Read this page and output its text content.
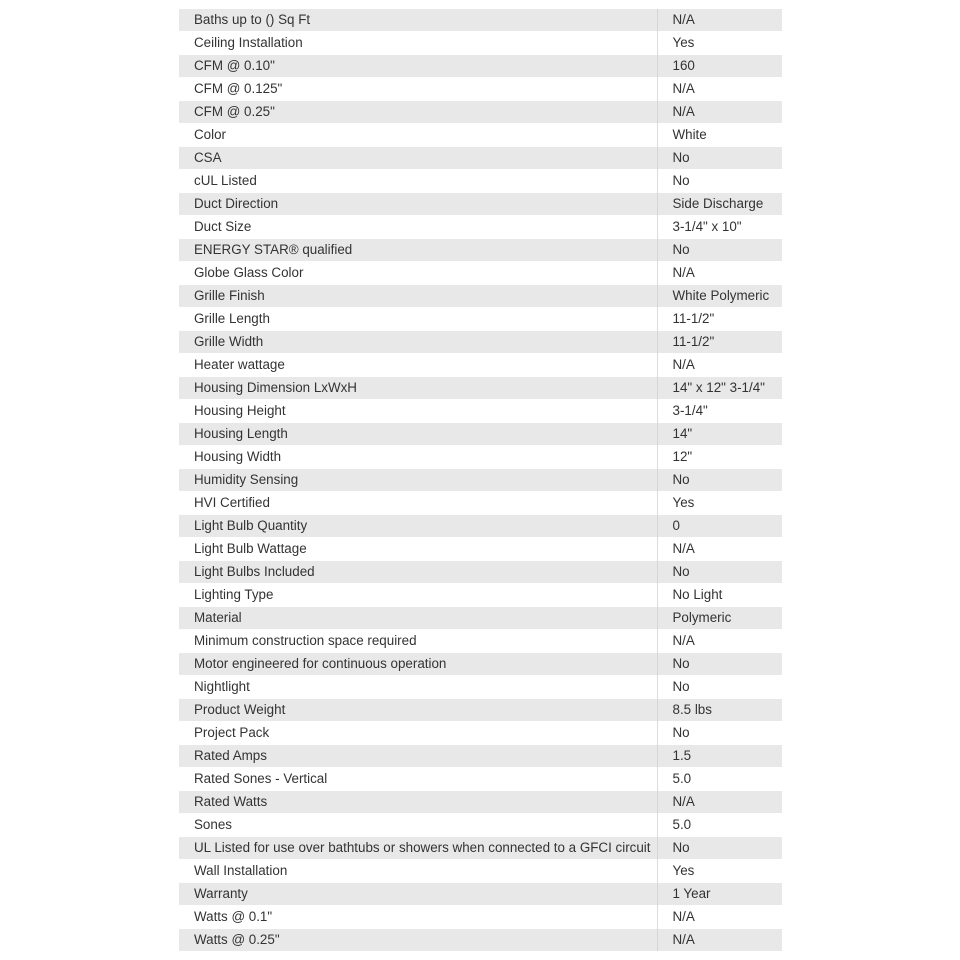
Baths up to () Sq Ft	N/A
Ceiling Installation	Yes
CFM @ 0.10"	160
CFM @ 0.125"	N/A
CFM @ 0.25"	N/A
Color	White
CSA	No
cUL Listed	No
Duct Direction	Side Discharge
Duct Size	3-1/4" x 10"
ENERGY STAR® qualified	No
Globe Glass Color	N/A
Grille Finish	White Polymeric
Grille Length	11-1/2"
Grille Width	11-1/2"
Heater wattage	N/A
Housing Dimension LxWxH	14" x 12" 3-1/4"
Housing Height	3-1/4"
Housing Length	14"
Housing Width	12"
Humidity Sensing	No
HVI Certified	Yes
Light Bulb Quantity	0
Light Bulb Wattage	N/A
Light Bulbs Included	No
Lighting Type	No Light
Material	Polymeric
Minimum construction space required	N/A
Motor engineered for continuous operation	No
Nightlight	No
Product Weight	8.5 lbs
Project Pack	No
Rated Amps	1.5
Rated Sones - Vertical	5.0
Rated Watts	N/A
Sones	5.0
UL Listed for use over bathtubs or showers when connected to a GFCI circuit	No
Wall Installation	Yes
Warranty	1 Year
Watts @ 0.1"	N/A
Watts @ 0.25"	N/A
